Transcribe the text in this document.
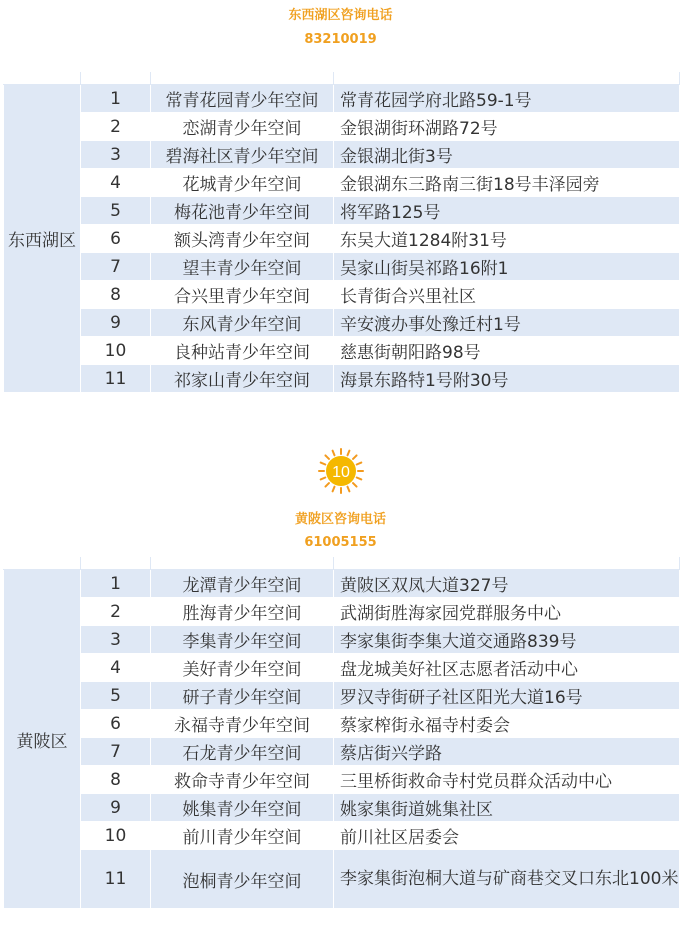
东西湖区咨询电话
83210019

东西湖区	1	常青花园青少年空间	常青花园学府北路59-1号
	2	恋湖青少年空间	金银湖街环湖路72号
	3	碧海社区青少年空间	金银湖北街3号
	4	花城青少年空间	金银湖东三路南三街18号丰泽园旁
	5	梅花池青少年空间	将军路125号
	6	额头湾青少年空间	东吴大道1284附31号
	7	望丰青少年空间	吴家山街吴祁路16附1
	8	合兴里青少年空间	长青街合兴里社区
	9	东风青少年空间	辛安渡办事处豫迁村1号
	10	良种站青少年空间	慈惠街朝阳路98号
	11	祁家山青少年空间	海景东路特1号附30号
10
黄陂区咨询电话
61005155

黄陂区	1	龙潭青少年空间	黄陂区双凤大道327号
	2	胜海青少年空间	武湖街胜海家园党群服务中心
	3	李集青少年空间	李家集街李集大道交通路839号
	4	美好青少年空间	盘龙城美好社区志愿者活动中心
	5	研子青少年空间	罗汉寺街研子社区阳光大道16号
	6	永福寺青少年空间	蔡家榨街永福寺村委会
	7	石龙青少年空间	蔡店街兴学路
	8	救命寺青少年空间	三里桥街救命寺村党员群众活动中心
	9	姚集青少年空间	姚家集街道姚集社区
	10	前川青少年空间	前川社区居委会
	11	泡桐青少年空间	李家集街泡桐大道与矿商巷交叉口东北100米
